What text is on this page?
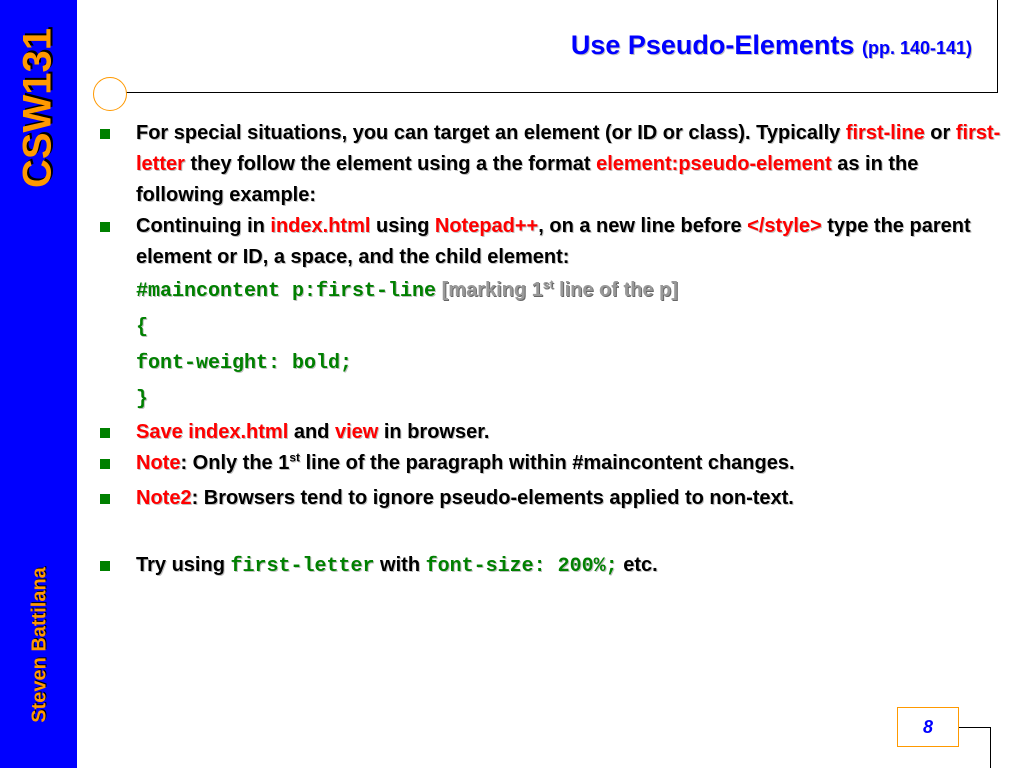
CSW131
Steven Battilana
Use Pseudo-Elements (pp. 140-141)
For special situations, you can target an element (or ID or class). Typically first-line or first-letter they follow the element using a the format element:pseudo-element as in the following example:
Continuing in index.html using Notepad++, on a new line before </style> type the parent element or ID, a space, and the child element:
#maincontent p:first-line [marking 1st line of the p]
{
font-weight: bold;
}
Save index.html and view in browser.
Note: Only the 1st line of the paragraph within #maincontent changes.
Note2: Browsers tend to ignore pseudo-elements applied to non-text.
Try using first-letter with font-size: 200%; etc.
8
